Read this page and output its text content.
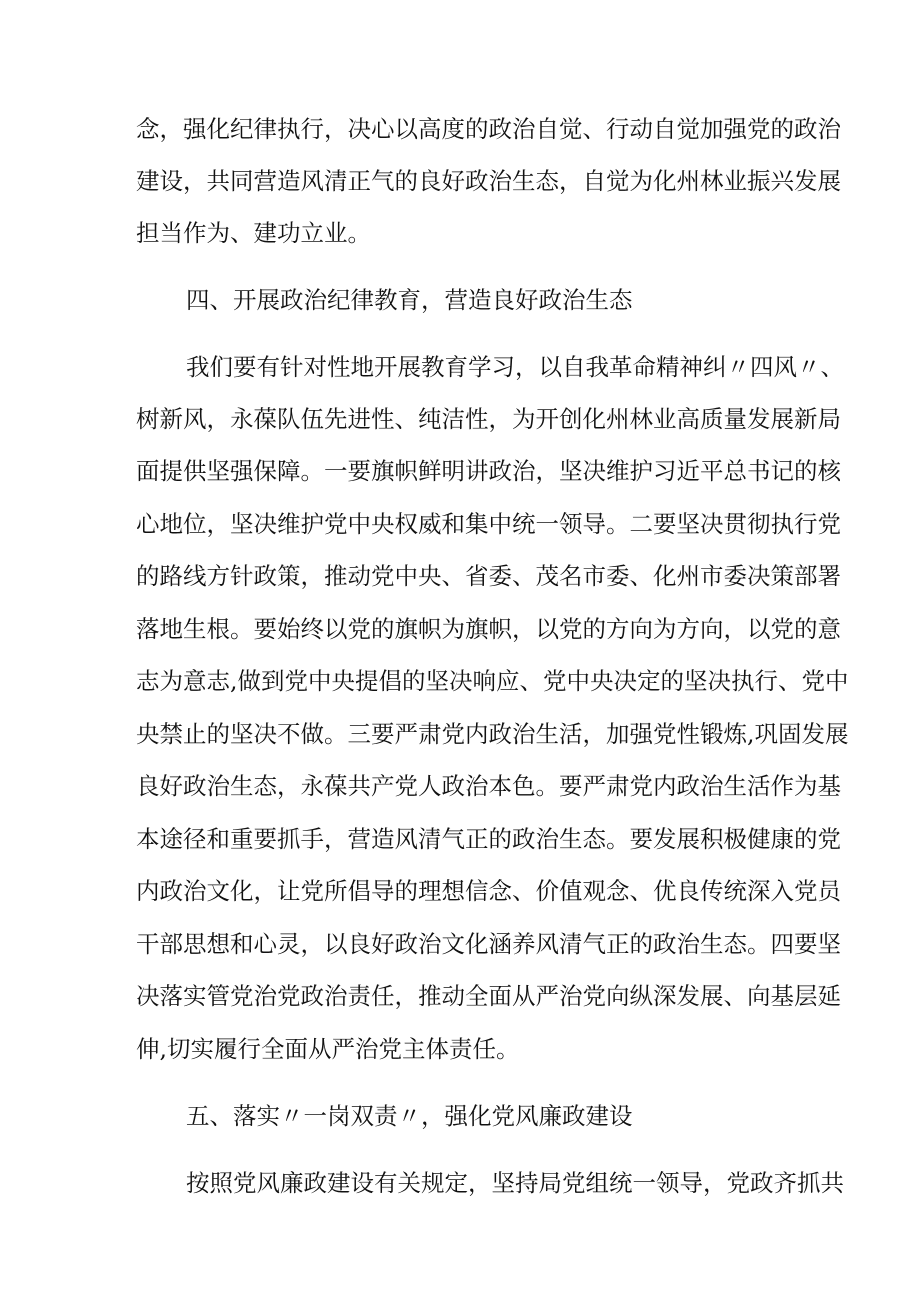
念，强化纪律执行，决心以高度的政治自觉、行动自觉加强党的政治
建设，共同营造风清正气的良好政治生态，自觉为化州林业振兴发展
担当作为、建功立业。
四、开展政治纪律教育，营造良好政治生态
我们要有针对性地开展教育学习，以自我革命精神纠〃四风〃、
树新风，永葆队伍先进性、纯洁性，为开创化州林业高质量发展新局
面提供坚强保障。一要旗帜鲜明讲政治，坚决维护习近平总书记的核
心地位，坚决维护党中央权威和集中统一领导。二要坚决贯彻执行党
的路线方针政策，推动党中央、省委、茂名市委、化州市委决策部署
落地生根。要始终以党的旗帜为旗帜，以党的方向为方向，以党的意
志为意志,做到党中央提倡的坚决响应、党中央决定的坚决执行、党中
央禁止的坚决不做。三要严肃党内政治生活，加强党性锻炼,巩固发展
良好政治生态，永葆共产党人政治本色。要严肃党内政治生活作为基
本途径和重要抓手，营造风清气正的政治生态。要发展积极健康的党
内政治文化，让党所倡导的理想信念、价值观念、优良传统深入党员
干部思想和心灵，以良好政治文化涵养风清气正的政治生态。四要坚
决落实管党治党政治责任，推动全面从严治党向纵深发展、向基层延
伸,切实履行全面从严治党主体责任。
五、落实〃一岗双责〃，强化党风廉政建设
按照党风廉政建设有关规定，坚持局党组统一领导，党政齐抓共
